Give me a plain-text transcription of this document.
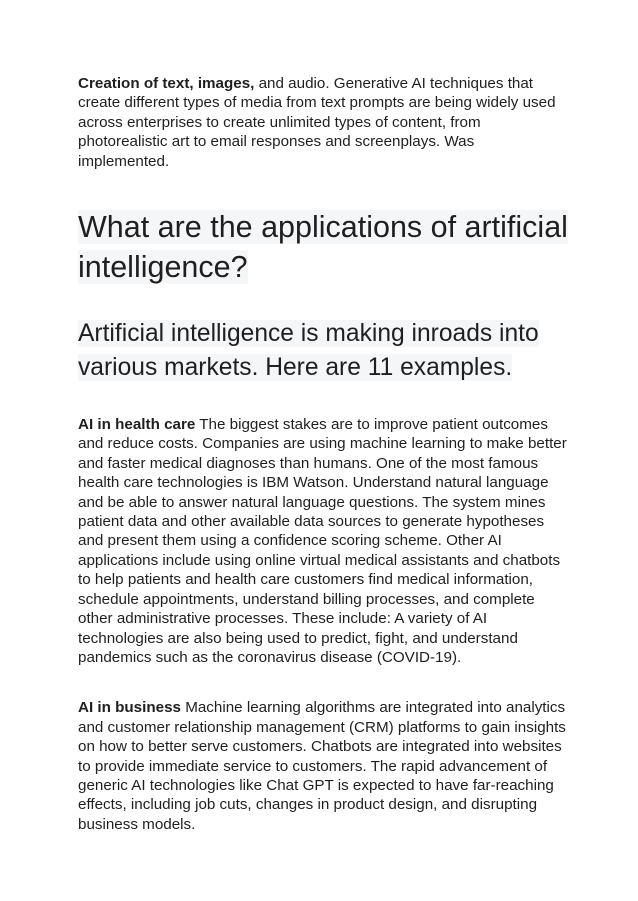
Creation of text, images, and audio. Generative AI techniques that create different types of media from text prompts are being widely used across enterprises to create unlimited types of content, from photorealistic art to email responses and screenplays. Was implemented.

What are the applications of artificial intelligence?
Artificial intelligence is making inroads into various markets. Here are 11 examples.

AI in health care The biggest stakes are to improve patient outcomes and reduce costs. Companies are using machine learning to make better and faster medical diagnoses than humans. One of the most famous health care technologies is IBM Watson. Understand natural language and be able to answer natural language questions. The system mines patient data and other available data sources to generate hypotheses and present them using a confidence scoring scheme. Other AI applications include using online virtual medical assistants and chatbots to help patients and health care customers find medical information, schedule appointments, understand billing processes, and complete other administrative processes. These include: A variety of AI technologies are also being used to predict, fight, and understand pandemics such as the coronavirus disease (COVID-19).

AI in business Machine learning algorithms are integrated into analytics and customer relationship management (CRM) platforms to gain insights on how to better serve customers. Chatbots are integrated into websites to provide immediate service to customers. The rapid advancement of generic AI technologies like Chat GPT is expected to have far-reaching effects, including job cuts, changes in product design, and disrupting business models.
